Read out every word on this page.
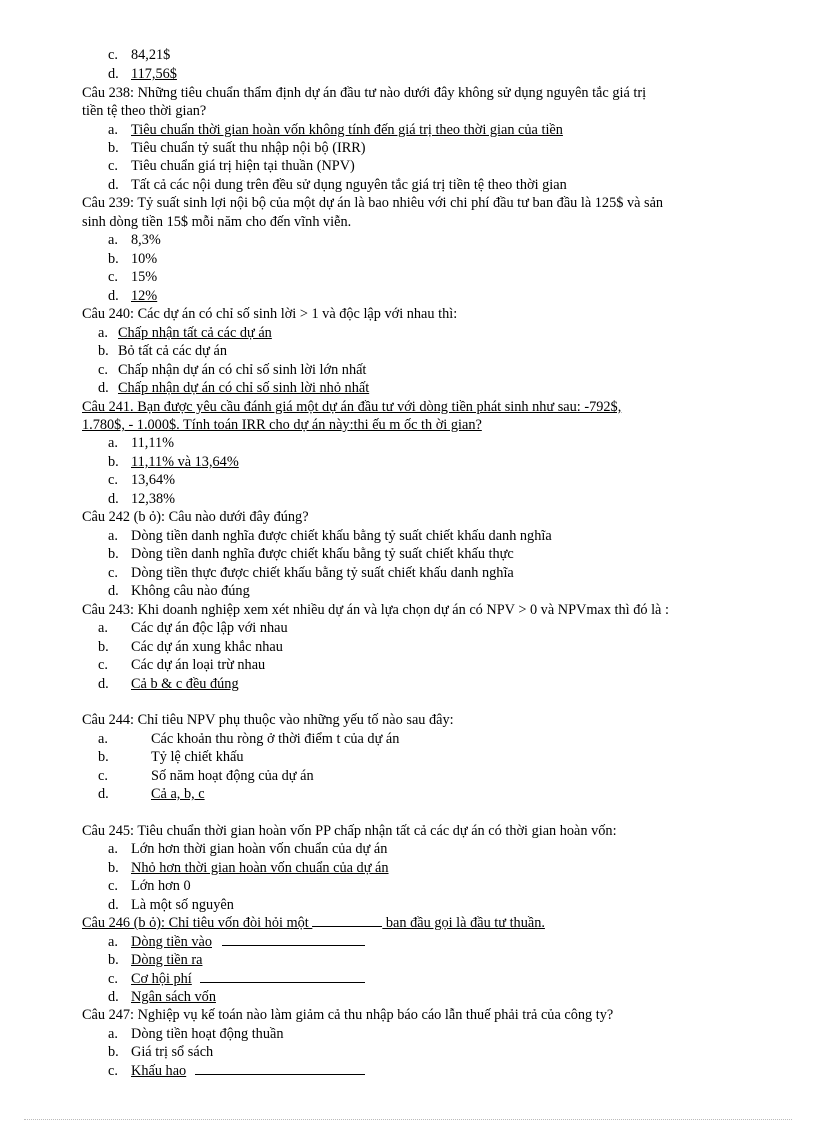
c. 84,21$
d. 117,56$
Câu 238: Những tiêu chuẩn thẩm định dự án đầu tư nào dưới đây không sử dụng nguyên tắc giá trị
tiền tệ theo thời gian?
a. Tiêu chuẩn thời gian hoàn vốn không tính đến giá trị theo thời gian của tiền
b. Tiêu chuẩn tỷ suất thu nhập nội bộ (IRR)
c. Tiêu chuẩn giá trị hiện tại thuần (NPV)
d. Tất cả các nội dung trên đều sử dụng nguyên tắc giá trị tiền tệ theo thời gian
Câu 239: Tỷ suất sinh lợi nội bộ của một dự án là bao nhiêu với chi phí đầu tư ban đầu là 125$ và sản
sinh dòng tiền 15$ mỗi năm cho đến vĩnh viễn.
a. 8,3%
b. 10%
c. 15%
d. 12%
Câu 240: Các dự án có chỉ số sinh lời > 1 và độc lập với nhau thì:
a. Chấp nhận tất cả các dự án
b. Bỏ tất cả các dự án
c. Chấp nhận dự án có chỉ số sinh lời lớn nhất
d. Chấp nhận dự án có chỉ số sinh lời nhỏ nhất
Câu 241. Bạn được yêu cầu đánh giá một dự án đầu tư với dòng tiền phát sinh như sau: -792$,
1.780$, - 1.000$. Tính toán IRR cho dự án này:thi ếu m ốc th ời gian?
a. 11,11%
b. 11,11% và 13,64%
c. 13,64%
d. 12,38%
Câu 242 (b ỏ): Câu nào dưới đây đúng?
a. Dòng tiền danh nghĩa được chiết khấu bằng tỷ suất chiết khấu danh nghĩa
b. Dòng tiền danh nghĩa được chiết khấu bằng tỷ suất chiết khấu thực
c. Dòng tiền thực được chiết khấu bằng tỷ suất chiết khấu danh nghĩa
d. Không câu nào đúng
Câu 243: Khi doanh nghiệp xem xét nhiều dự án và lựa chọn dự án có NPV > 0 và NPVmax thì đó là :
a. Các dự án độc lập với nhau
b. Các dự án xung khắc nhau
c. Các dự án loại trừ nhau
d. Cả b & c đều đúng
Câu 244: Chỉ tiêu NPV phụ thuộc vào những yếu tố nào sau đây:
a.	Các khoản thu ròng ở thời điểm t của dự án
b.	Tỷ lệ chiết khấu
c.	Số năm hoạt động của dự án
d.	Cả a, b, c
Câu 245: Tiêu chuẩn thời gian hoàn vốn PP chấp nhận tất cả các dự án có thời gian hoàn vốn:
a. Lớn hơn thời gian hoàn vốn chuẩn của dự án
b. Nhỏ hơn thời gian hoàn vốn chuẩn của dự án
c. Lớn hơn 0
d. Là một số nguyên
Câu 246 (b ỏ): Chỉ tiêu vốn đòi hỏi một	ban đầu gọi là đầu tư thuần.
a. Dòng tiền vào
b. Dòng tiền ra
c. Cơ hội phí
d. Ngân sách vốn
Câu 247: Nghiệp vụ kế toán nào làm giảm cả thu nhập báo cáo lẫn thuế phải trả của công ty?
a. Dòng tiền hoạt động thuần
b. Giá trị sổ sách
c. Khấu hao
